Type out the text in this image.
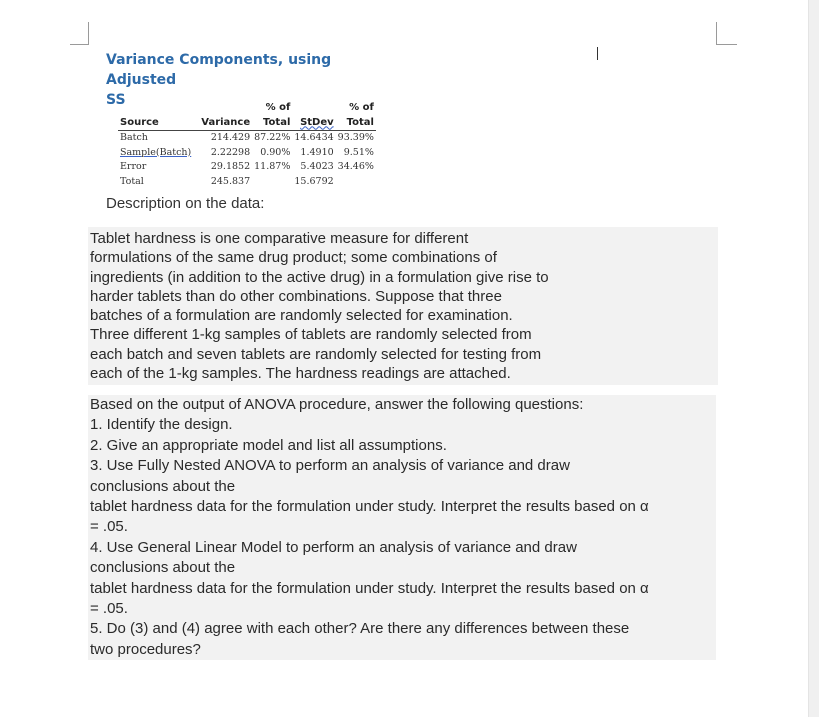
Variance Components, using Adjusted
SS
			% of		% of
Source	Variance	Total	StDev	Total
Batch	214.429	87.22%	14.6434	93.39%
Sample(Batch)	2.22298	0.90%	1.4910	9.51%
Error	29.1852	11.87%	5.4023	34.46%
Total	245.837		15.6792	
Description on the data:
Tablet hardness is one comparative measure for different
formulations of the same drug product; some combinations of
ingredients (in addition to the active drug) in a formulation give rise to
harder tablets than do other combinations. Suppose that three
batches of a formulation are randomly selected for examination.
Three different 1-kg samples of tablets are randomly selected from
each batch and seven tablets are randomly selected for testing from
each of the 1-kg samples. The hardness readings are attached.
Based on the output of ANOVA procedure, answer the following questions:
1. Identify the design.
2. Give an appropriate model and list all assumptions.
3. Use Fully Nested ANOVA to perform an analysis of variance and draw
conclusions about the
tablet hardness data for the formulation under study. Interpret the results based on α
= .05.
4. Use General Linear Model to perform an analysis of variance and draw
conclusions about the
tablet hardness data for the formulation under study. Interpret the results based on α
= .05.
5. Do (3) and (4) agree with each other? Are there any differences between these
two procedures?
